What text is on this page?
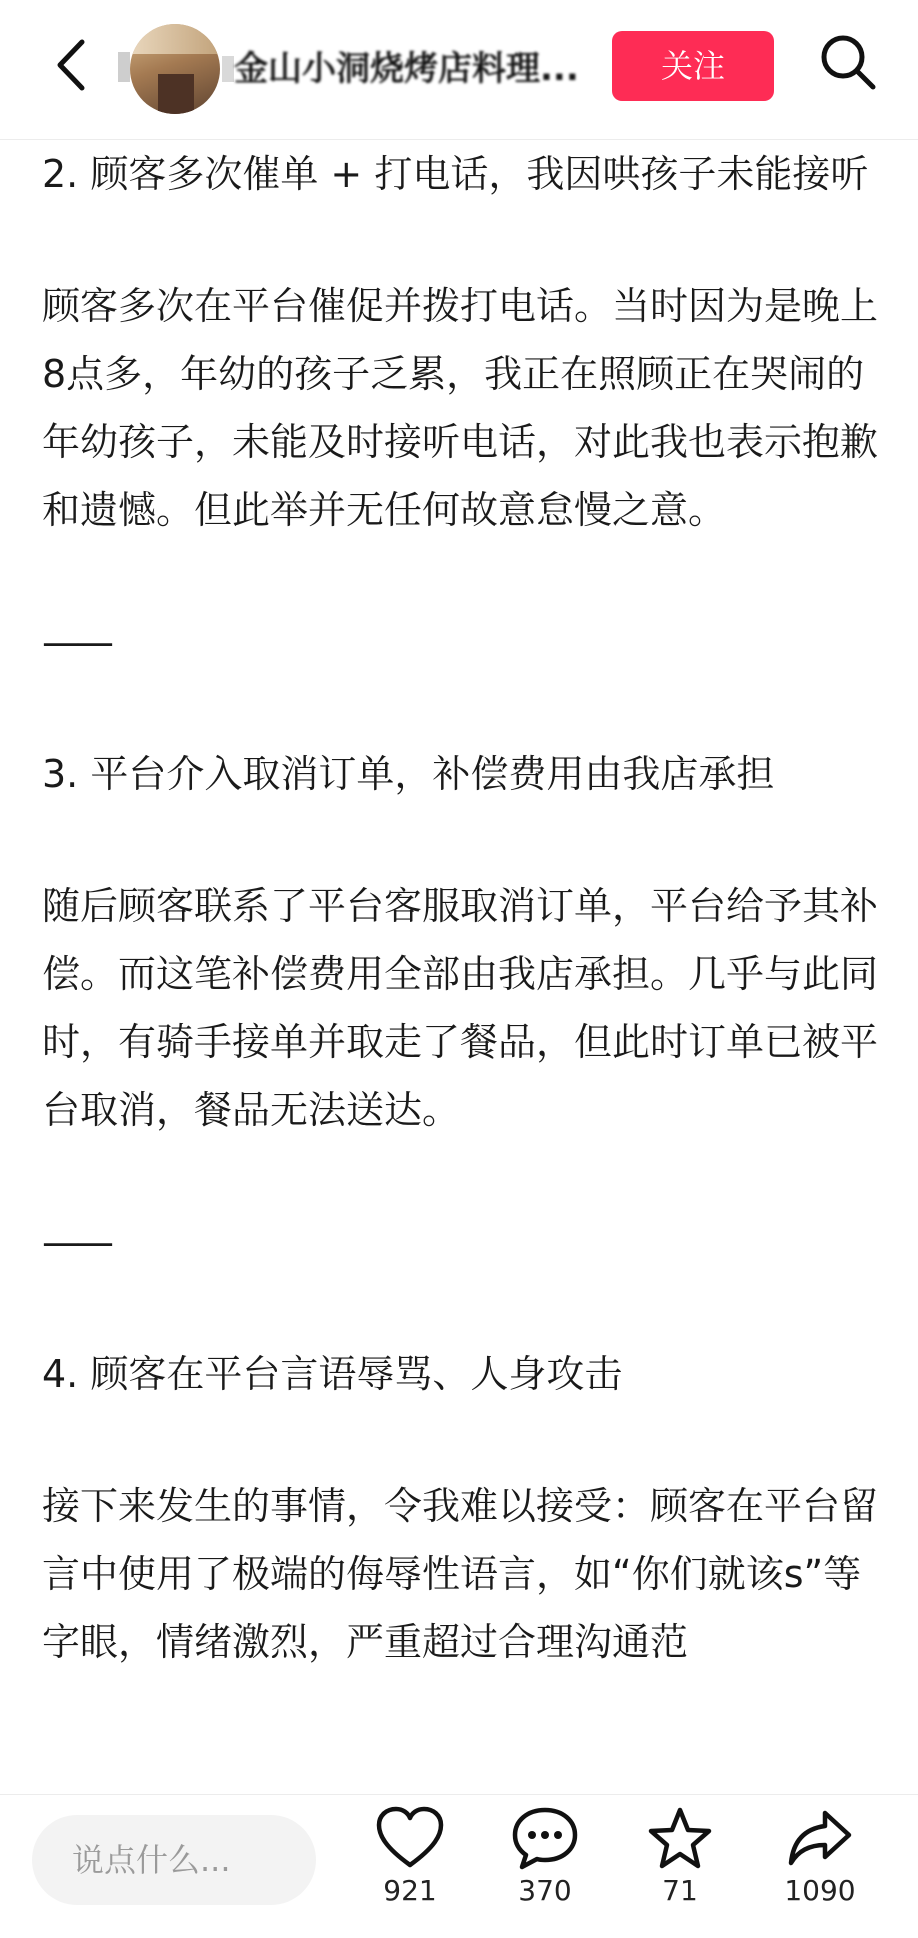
金山小洞烧烤店料理...	关注

2. 顾客多次催单 + 打电话，我因哄孩子未能接听

顾客多次在平台催促并拨打电话。当时因为是晚上8点多，年幼的孩子乏累，我正在照顾正在哭闹的年幼孩子，未能及时接听电话，对此我也表示抱歉和遗憾。但此举并无任何故意怠慢之意。

——

3. 平台介入取消订单，补偿费用由我店承担

随后顾客联系了平台客服取消订单，平台给予其补偿。而这笔补偿费用全部由我店承担。几乎与此同时，有骑手接单并取走了餐品，但此时订单已被平台取消，餐品无法送达。

——

4. 顾客在平台言语辱骂、人身攻击

接下来发生的事情，令我难以接受：顾客在平台留言中使用了极端的侮辱性语言，如“你们就该s”等字眼，情绪激烈，严重超过合理沟通范

说点什么...
921	370	71	1090
